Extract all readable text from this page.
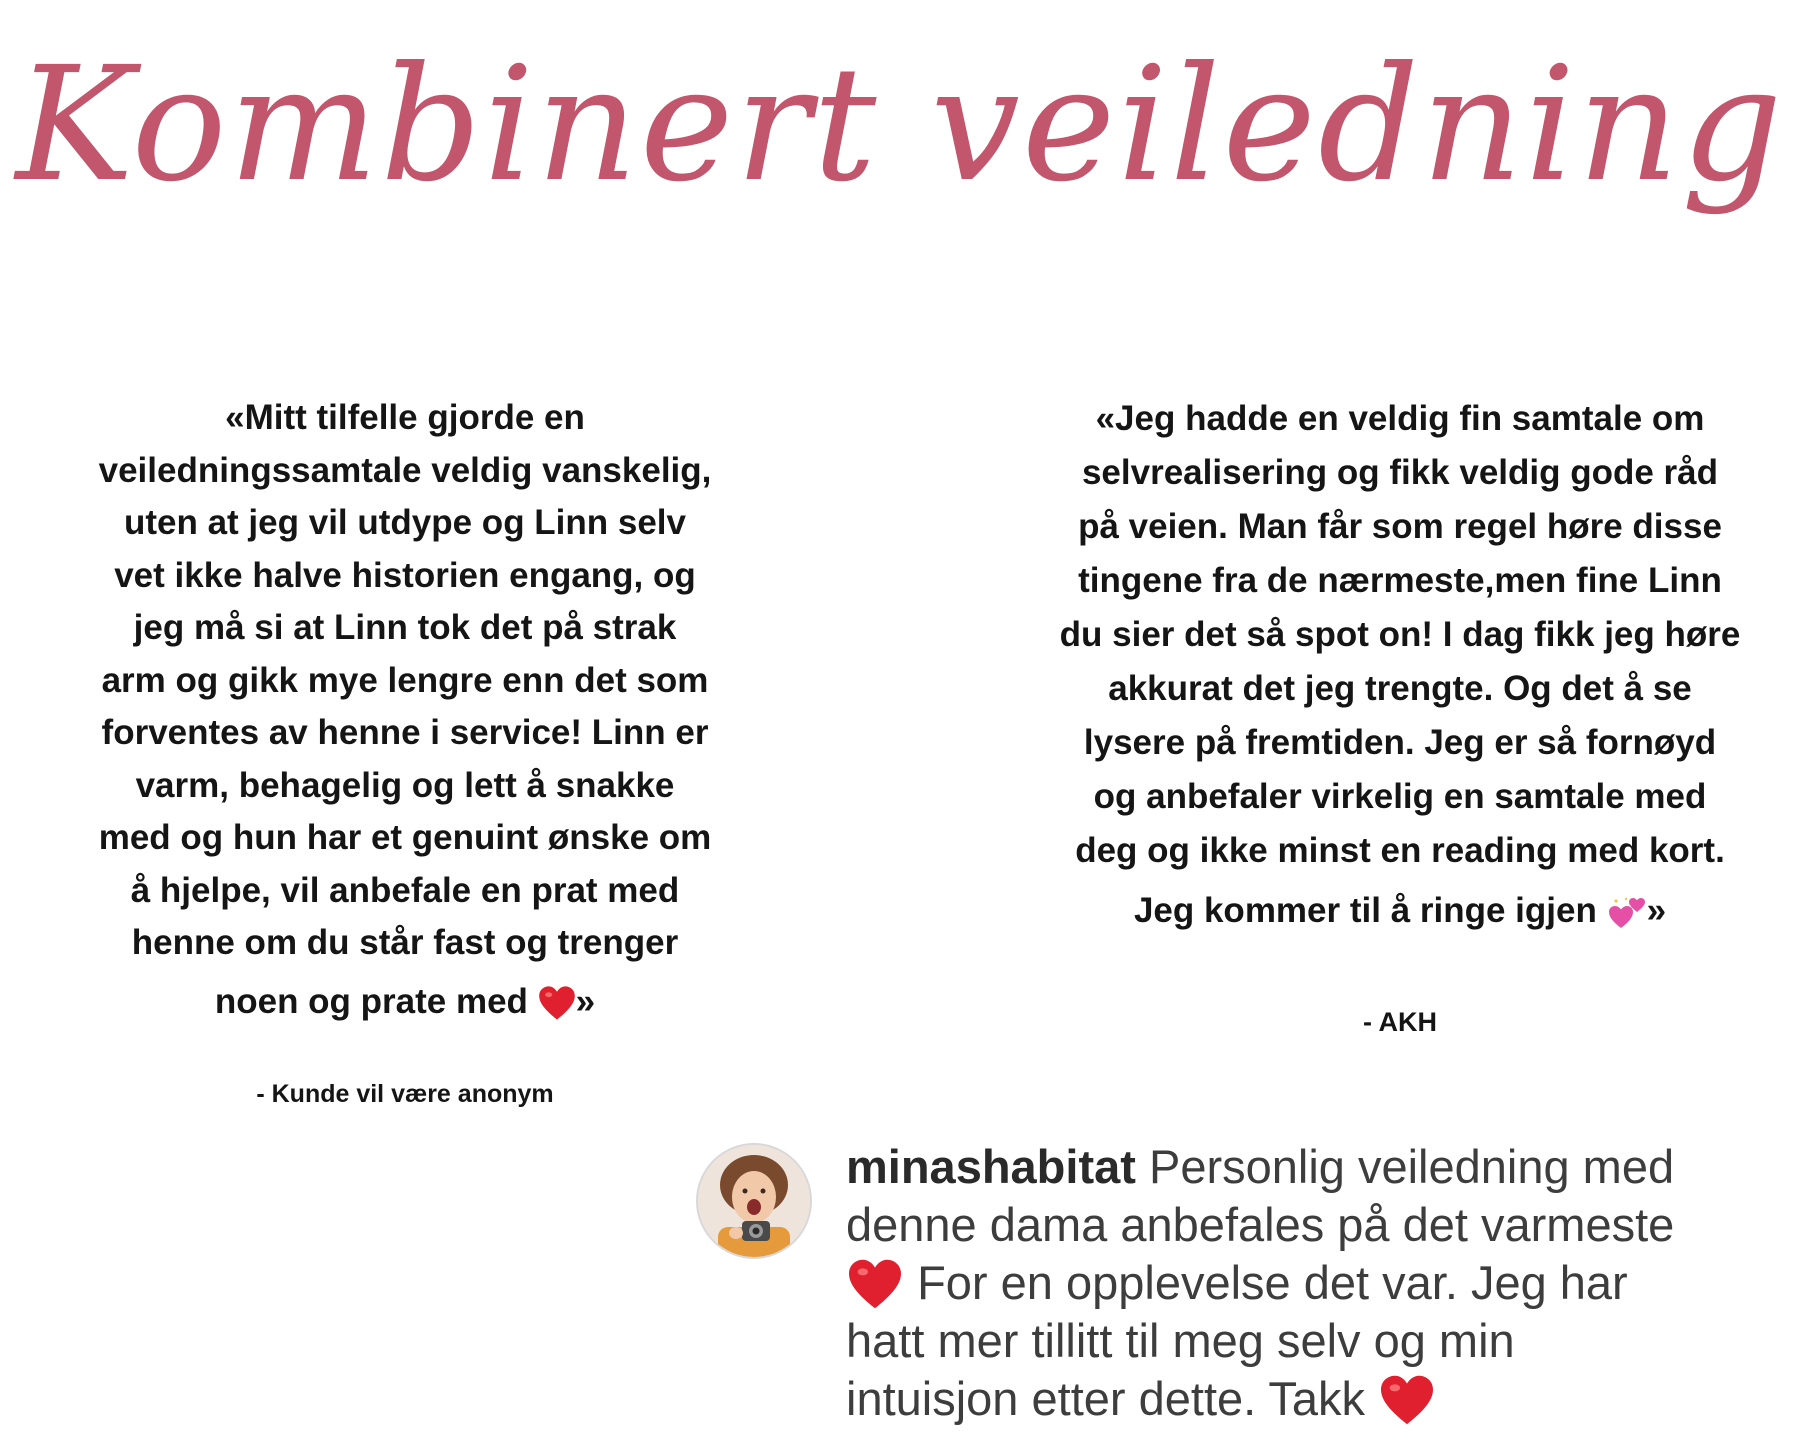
Kombinert veiledning
«Mitt tilfelle gjorde en
veiledningssamtale veldig vanskelig,
uten at jeg vil utdype og Linn selv
vet ikke halve historien engang, og
jeg må si at Linn tok det på strak
arm og gikk mye lengre enn det som
forventes av henne i service! Linn er
varm, behagelig og lett å snakke
med og hun har et genuint ønske om
å hjelpe, vil anbefale en prat med
henne om du står fast og trenger
noen og prate med »
- Kunde vil være anonym
«Jeg hadde en veldig fin samtale om
selvrealisering og fikk veldig gode råd
på veien. Man får som regel høre disse
tingene fra de nærmeste,men fine Linn
du sier det så spot on! I dag fikk jeg høre
akkurat det jeg trengte. Og det å se
lysere på fremtiden. Jeg er så fornøyd
og anbefaler virkelig en samtale med
deg og ikke minst en reading med kort.
Jeg kommer til å ringe igjen »
- AKH
minashabitat Personlig veiledning med
denne dama anbefales på det varmeste
For en opplevelse det var. Jeg har
hatt mer tillitt til meg selv og min
intuisjon etter dette. Takk
